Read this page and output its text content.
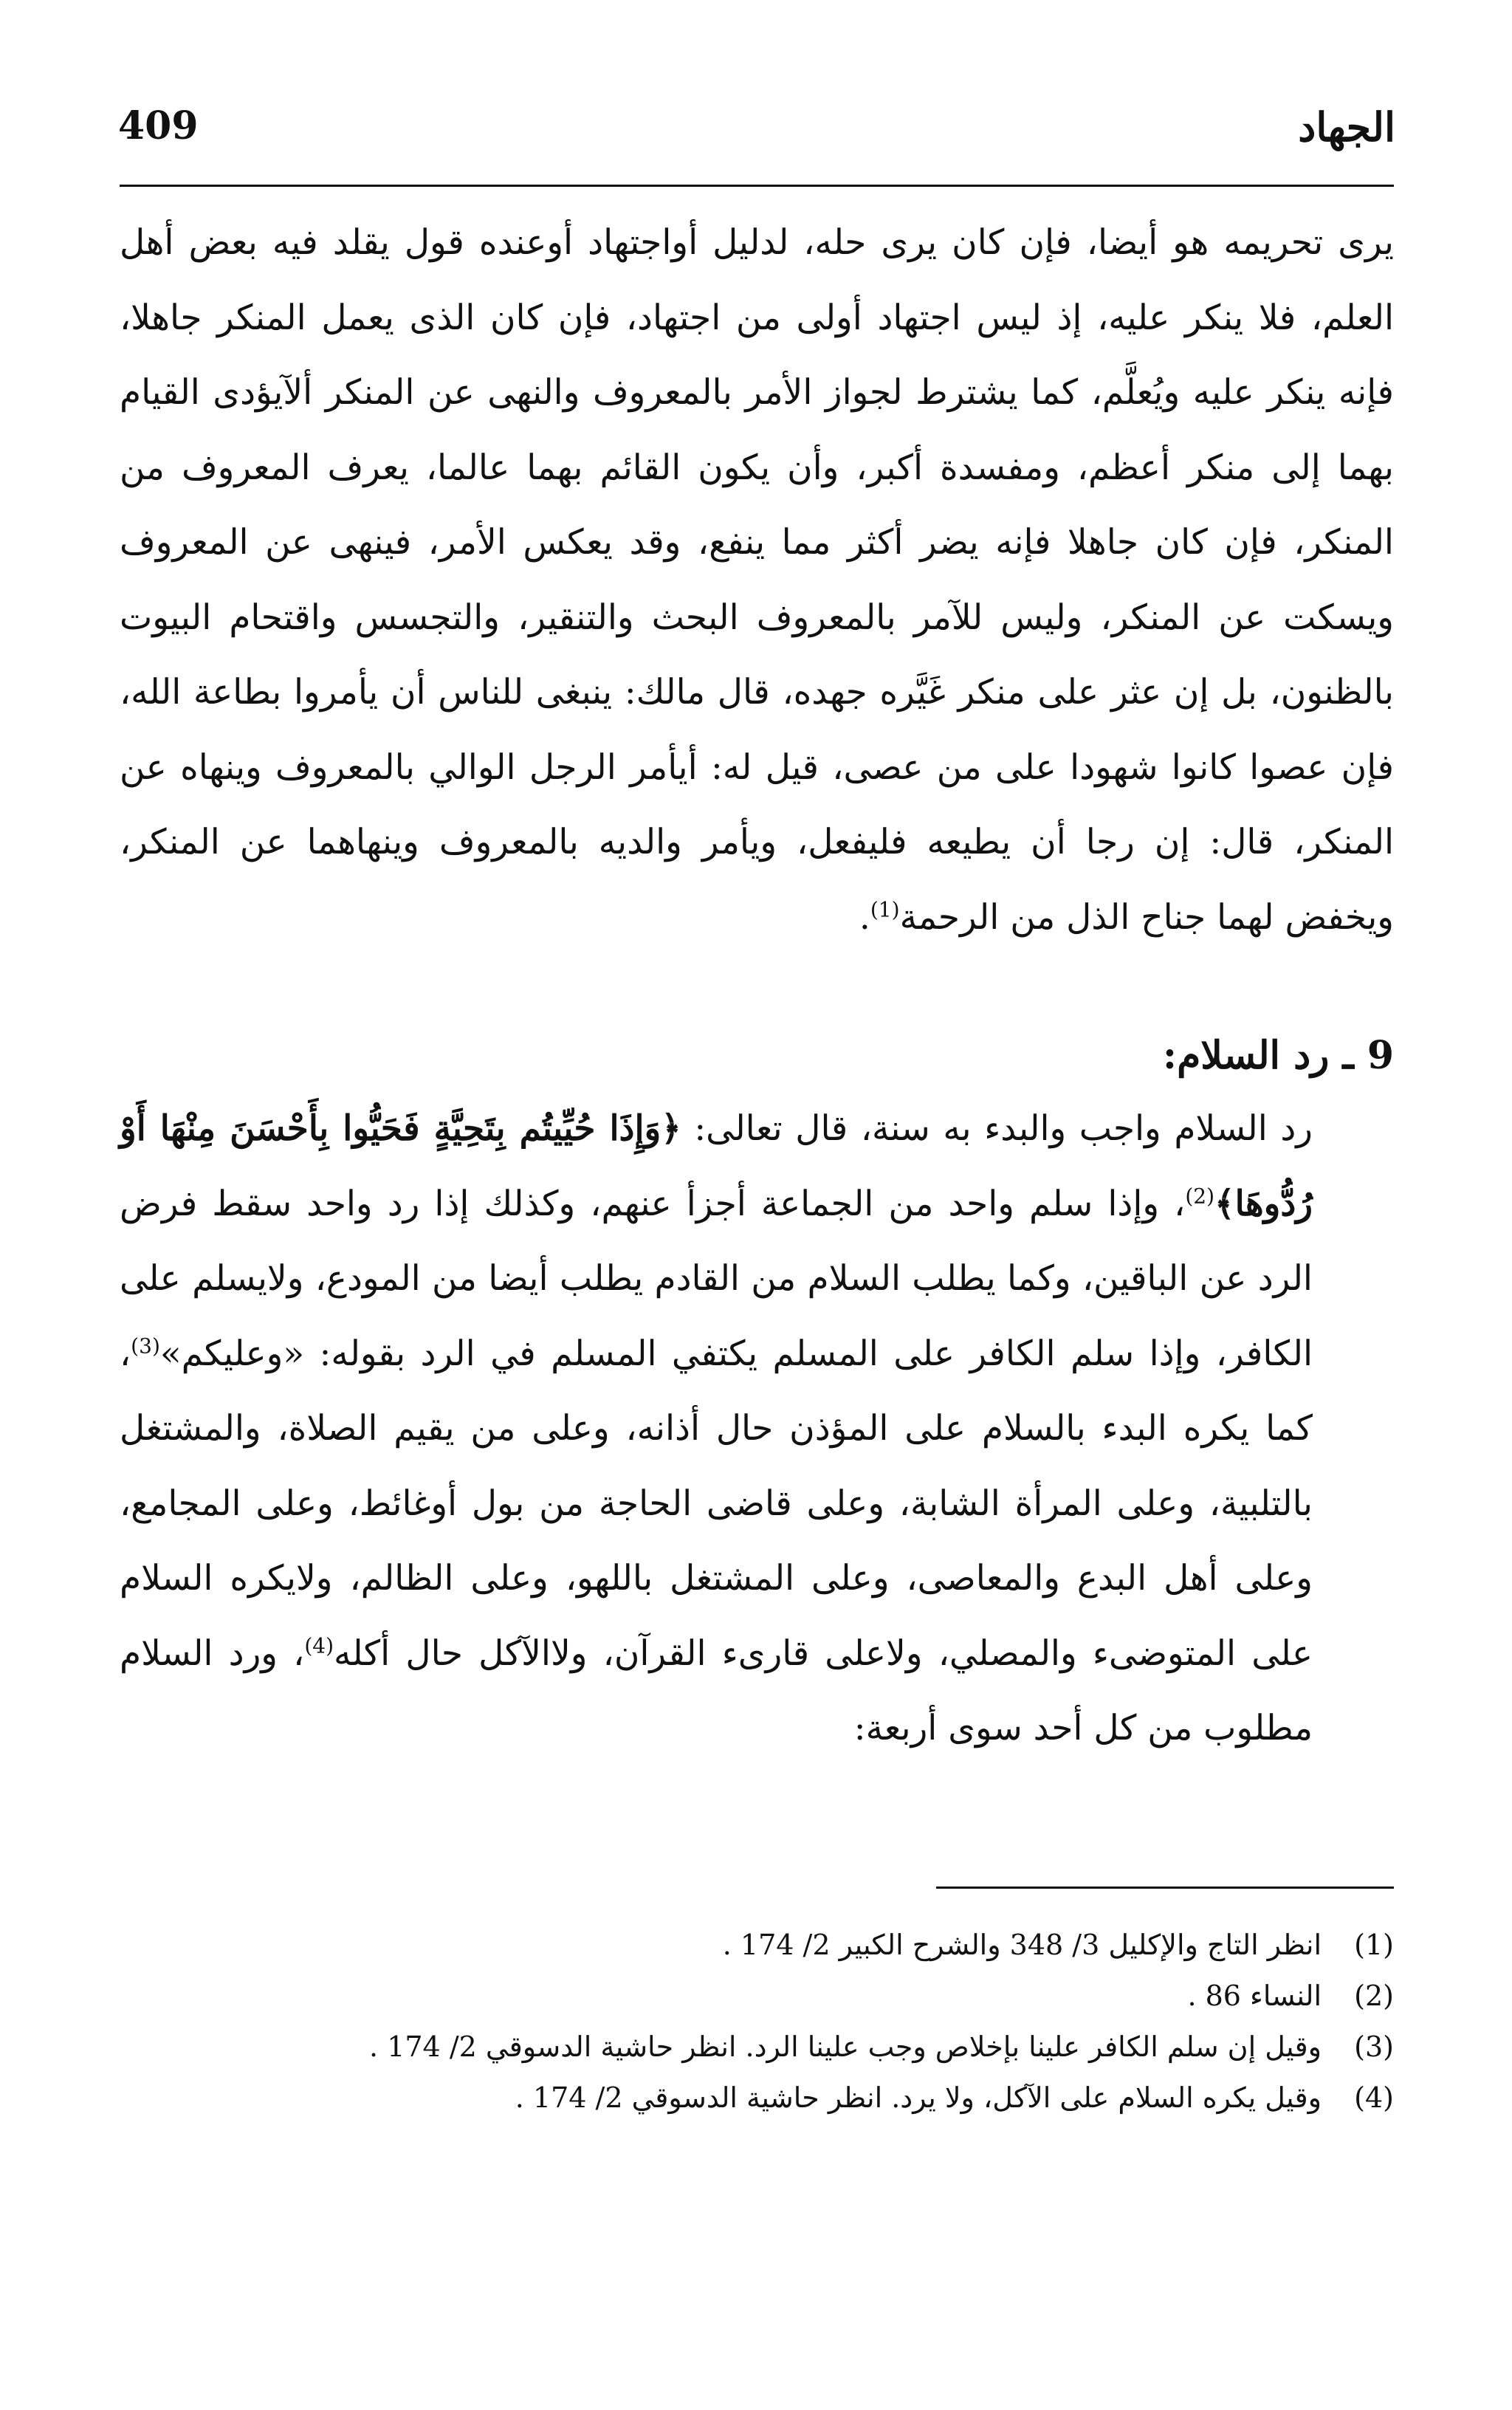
409	الجهاد

يرى تحريمه هو أيضا، فإن كان يرى حله، لدليل أواجتهاد أوعنده قول يقلد فيه بعض أهل العلم، فلا ينكر عليه، إذ ليس اجتهاد أولى من اجتهاد، فإن كان الذى يعمل المنكر جاهلا، فإنه ينكر عليه ويُعلَّم، كما يشترط لجواز الأمر بالمعروف والنهى عن المنكر ألآيؤدى القيام بهما إلى منكر أعظم، ومفسدة أكبر، وأن يكون القائم بهما عالما، يعرف المعروف من المنكر، فإن كان جاهلا فإنه يضر أكثر مما ينفع، وقد يعكس الأمر، فينهى عن المعروف ويسكت عن المنكر، وليس للآمر بالمعروف البحث والتنقير، والتجسس واقتحام البيوت بالظنون، بل إن عثر على منكر غَيَّره جهده، قال مالك: ينبغى للناس أن يأمروا بطاعة الله، فإن عصوا كانوا شهودا على من عصى، قيل له: أيأمر الرجل الوالي بالمعروف وينهاه عن المنكر، قال: إن رجا أن يطيعه فليفعل، ويأمر والديه بالمعروف وينهاهما عن المنكر، ويخفض لهما جناح الذل من الرحمة$^{(1)}$.

9 ـ رد السلام:

رد السلام واجب والبدء به سنة، قال تعالى: ﴿وَإِذَا حُيِّيتُم بِتَحِيَّةٍ فَحَيُّوا بِأَحْسَنَ مِنْهَا أَوْ رُدُّوهَا﴾$^{(2)}$، وإذا سلم واحد من الجماعة أجزأ عنهم، وكذلك إذا رد واحد سقط فرض الرد عن الباقين، وكما يطلب السلام من القادم يطلب أيضا من المودع، ولايسلم على الكافر، وإذا سلم الكافر على المسلم يكتفي المسلم في الرد بقوله: «وعليكم»$^{(3)}$، كما يكره البدء بالسلام على المؤذن حال أذانه، وعلى من يقيم الصلاة، والمشتغل بالتلبية، وعلى المرأة الشابة، وعلى قاضى الحاجة من بول أوغائط، وعلى المجامع، وعلى أهل البدع والمعاصى، وعلى المشتغل باللهو، وعلى الظالم، ولايكره السلام على المتوضىء والمصلي، ولاعلى قارىء القرآن، ولاالآكل حال أكله$^{(4)}$، ورد السلام مطلوب من كل أحد سوى أربعة:

(1)
انظر التاج والإكليل 3/ 348 والشرح الكبير 2/ 174 .
(2)
النساء 86 .
(3)
وقيل إن سلم الكافر علينا بإخلاص وجب علينا الرد. انظر حاشية الدسوقي 2/ 174 .
(4)
وقيل يكره السلام على الآكل، ولا يرد. انظر حاشية الدسوقي 2/ 174 .
